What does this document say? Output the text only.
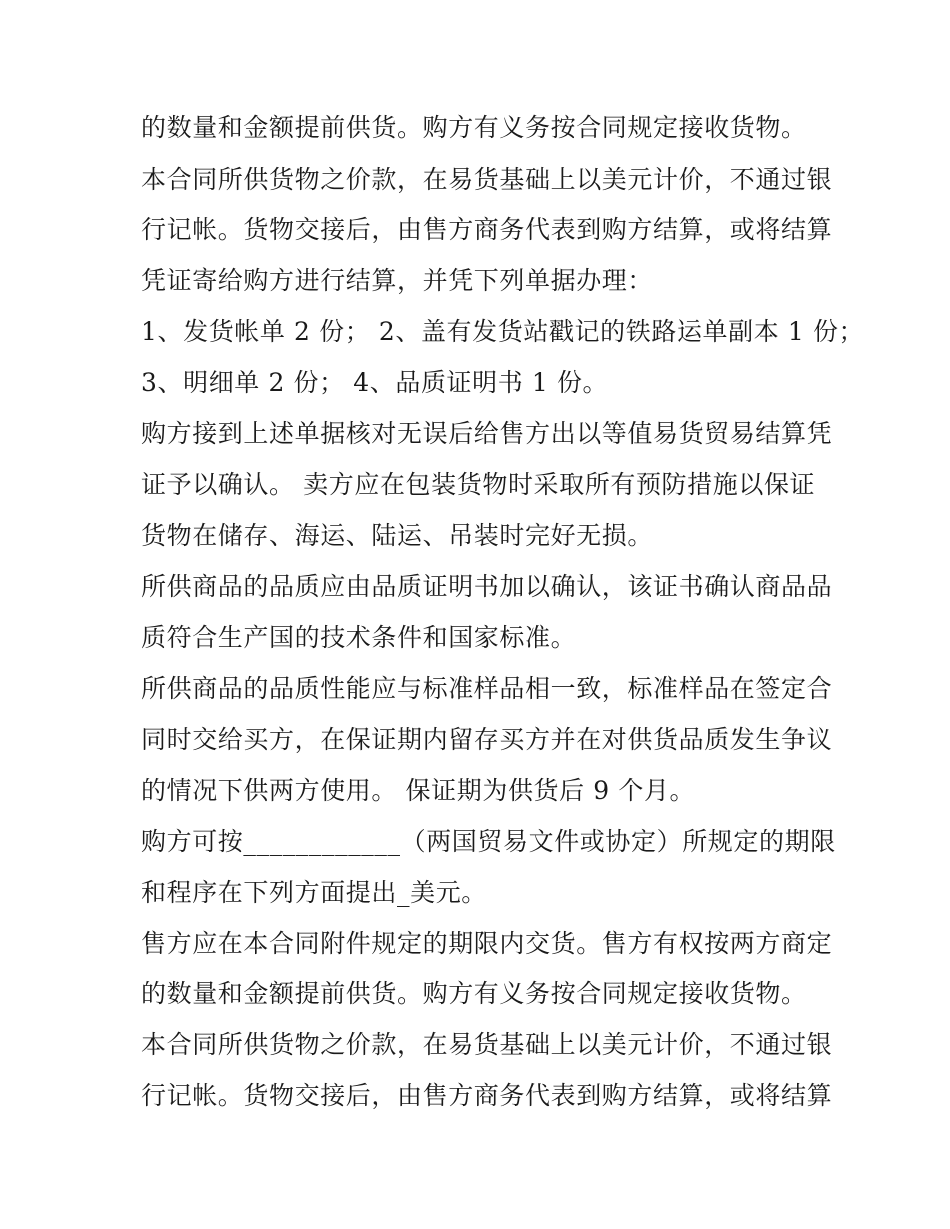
的数量和金额提前供货。购方有义务按合同规定接收货物。
本合同所供货物之价款，在易货基础上以美元计价，不通过银
行记帐。货物交接后，由售方商务代表到购方结算，或将结算
凭证寄给购方进行结算，并凭下列单据办理：
1、发货帐单 2 份； 2、盖有发货站戳记的铁路运单副本 1 份；
3、明细单 2 份； 4、品质证明书 1 份。
购方接到上述单据核对无误后给售方出以等值易货贸易结算凭
证予以确认。 卖方应在包装货物时采取所有预防措施以保证
货物在储存、海运、陆运、吊装时完好无损。
所供商品的品质应由品质证明书加以确认，该证书确认商品品
质符合生产国的技术条件和国家标准。
所供商品的品质性能应与标准样品相一致，标准样品在签定合
同时交给买方，在保证期内留存买方并在对供货品质发生争议
的情况下供两方使用。 保证期为供货后 9 个月。
购方可按____________（两国贸易文件或协定）所规定的期限
和程序在下列方面提出_美元。
售方应在本合同附件规定的期限内交货。售方有权按两方商定
的数量和金额提前供货。购方有义务按合同规定接收货物。
本合同所供货物之价款，在易货基础上以美元计价，不通过银
行记帐。货物交接后，由售方商务代表到购方结算，或将结算
